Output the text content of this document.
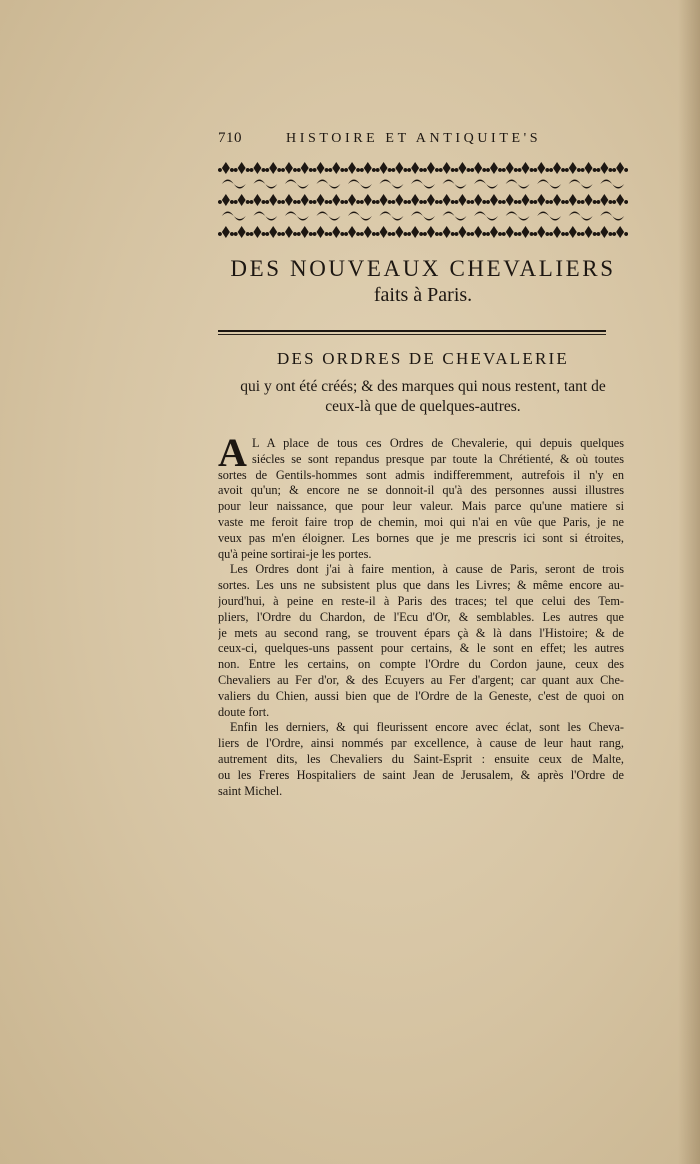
710	HISTOIRE ET ANTIQUITE'S
DES NOUVEAUX CHEVALIERS
faits à Paris.
DES ORDRES DE CHEVALERIE
qui y ont été créés; & des marques qui nous restent, tant de
ceux-là que de quelques-autres.
A L A place de tous ces Ordres de Chevalerie, qui depuis quelques
siécles se sont repandus presque par toute la Chrétienté, & où toutes
sortes de Gentils-hommes sont admis indifferemment, autrefois il n'y en
avoit qu'un; & encore ne se donnoit-il qu'à des personnes aussi illustres
pour leur naissance, que pour leur valeur. Mais parce qu'une matiere si
vaste me feroit faire trop de chemin, moi qui n'ai en vûe que Paris, je ne
veux pas m'en éloigner. Les bornes que je me prescris ici sont si étroites,
qu'à peine sortirai-je les portes.
Les Ordres dont j'ai à faire mention, à cause de Paris, seront de trois
sortes. Les uns ne subsistent plus que dans les Livres; & même encore au-
jourd'hui, à peine en reste-il à Paris des traces; tel que celui des Tem-
pliers, l'Ordre du Chardon, de l'Ecu d'Or, & semblables. Les autres que
je mets au second rang, se trouvent épars çà & là dans l'Histoire; & de
ceux-ci, quelques-uns passent pour certains, & le sont en effet; les autres
non. Entre les certains, on compte l'Ordre du Cordon jaune, ceux des
Chevaliers au Fer d'or, & des Ecuyers au Fer d'argent; car quant aux Che-
valiers du Chien, aussi bien que de l'Ordre de la Geneste, c'est de quoi on
doute fort.
Enfin les derniers, & qui fleurissent encore avec éclat, sont les Cheva-
liers de l'Ordre, ainsi nommés par excellence, à cause de leur haut rang,
autrement dits, les Chevaliers du Saint-Esprit : ensuite ceux de Malte,
ou les Freres Hospitaliers de saint Jean de Jerusalem, & après l'Ordre de
saint Michel.
